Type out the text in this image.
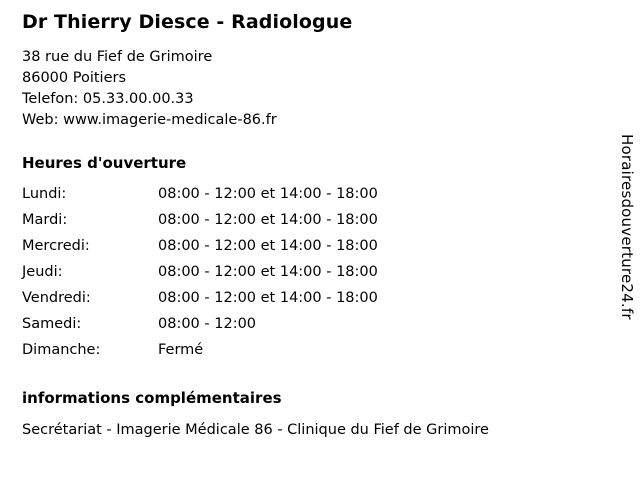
Dr Thierry Diesce - Radiologue

38 rue du Fief de Grimoire

86000 Poitiers

Telefon: 05.33.00.00.33

Web: www.imagerie-medicale-86.fr

Heures d'ouverture
Lundi:	08:00 - 12:00 et 14:00 - 18:00
Mardi:	08:00 - 12:00 et 14:00 - 18:00
Mercredi:	08:00 - 12:00 et 14:00 - 18:00
Jeudi:	08:00 - 12:00 et 14:00 - 18:00
Vendredi:	08:00 - 12:00 et 14:00 - 18:00
Samedi:	08:00 - 12:00
Dimanche:	Fermé
informations complémentaires
Secrétariat - Imagerie Médicale 86 - Clinique du Fief de Grimoire
Horairesdouverture24.fr
